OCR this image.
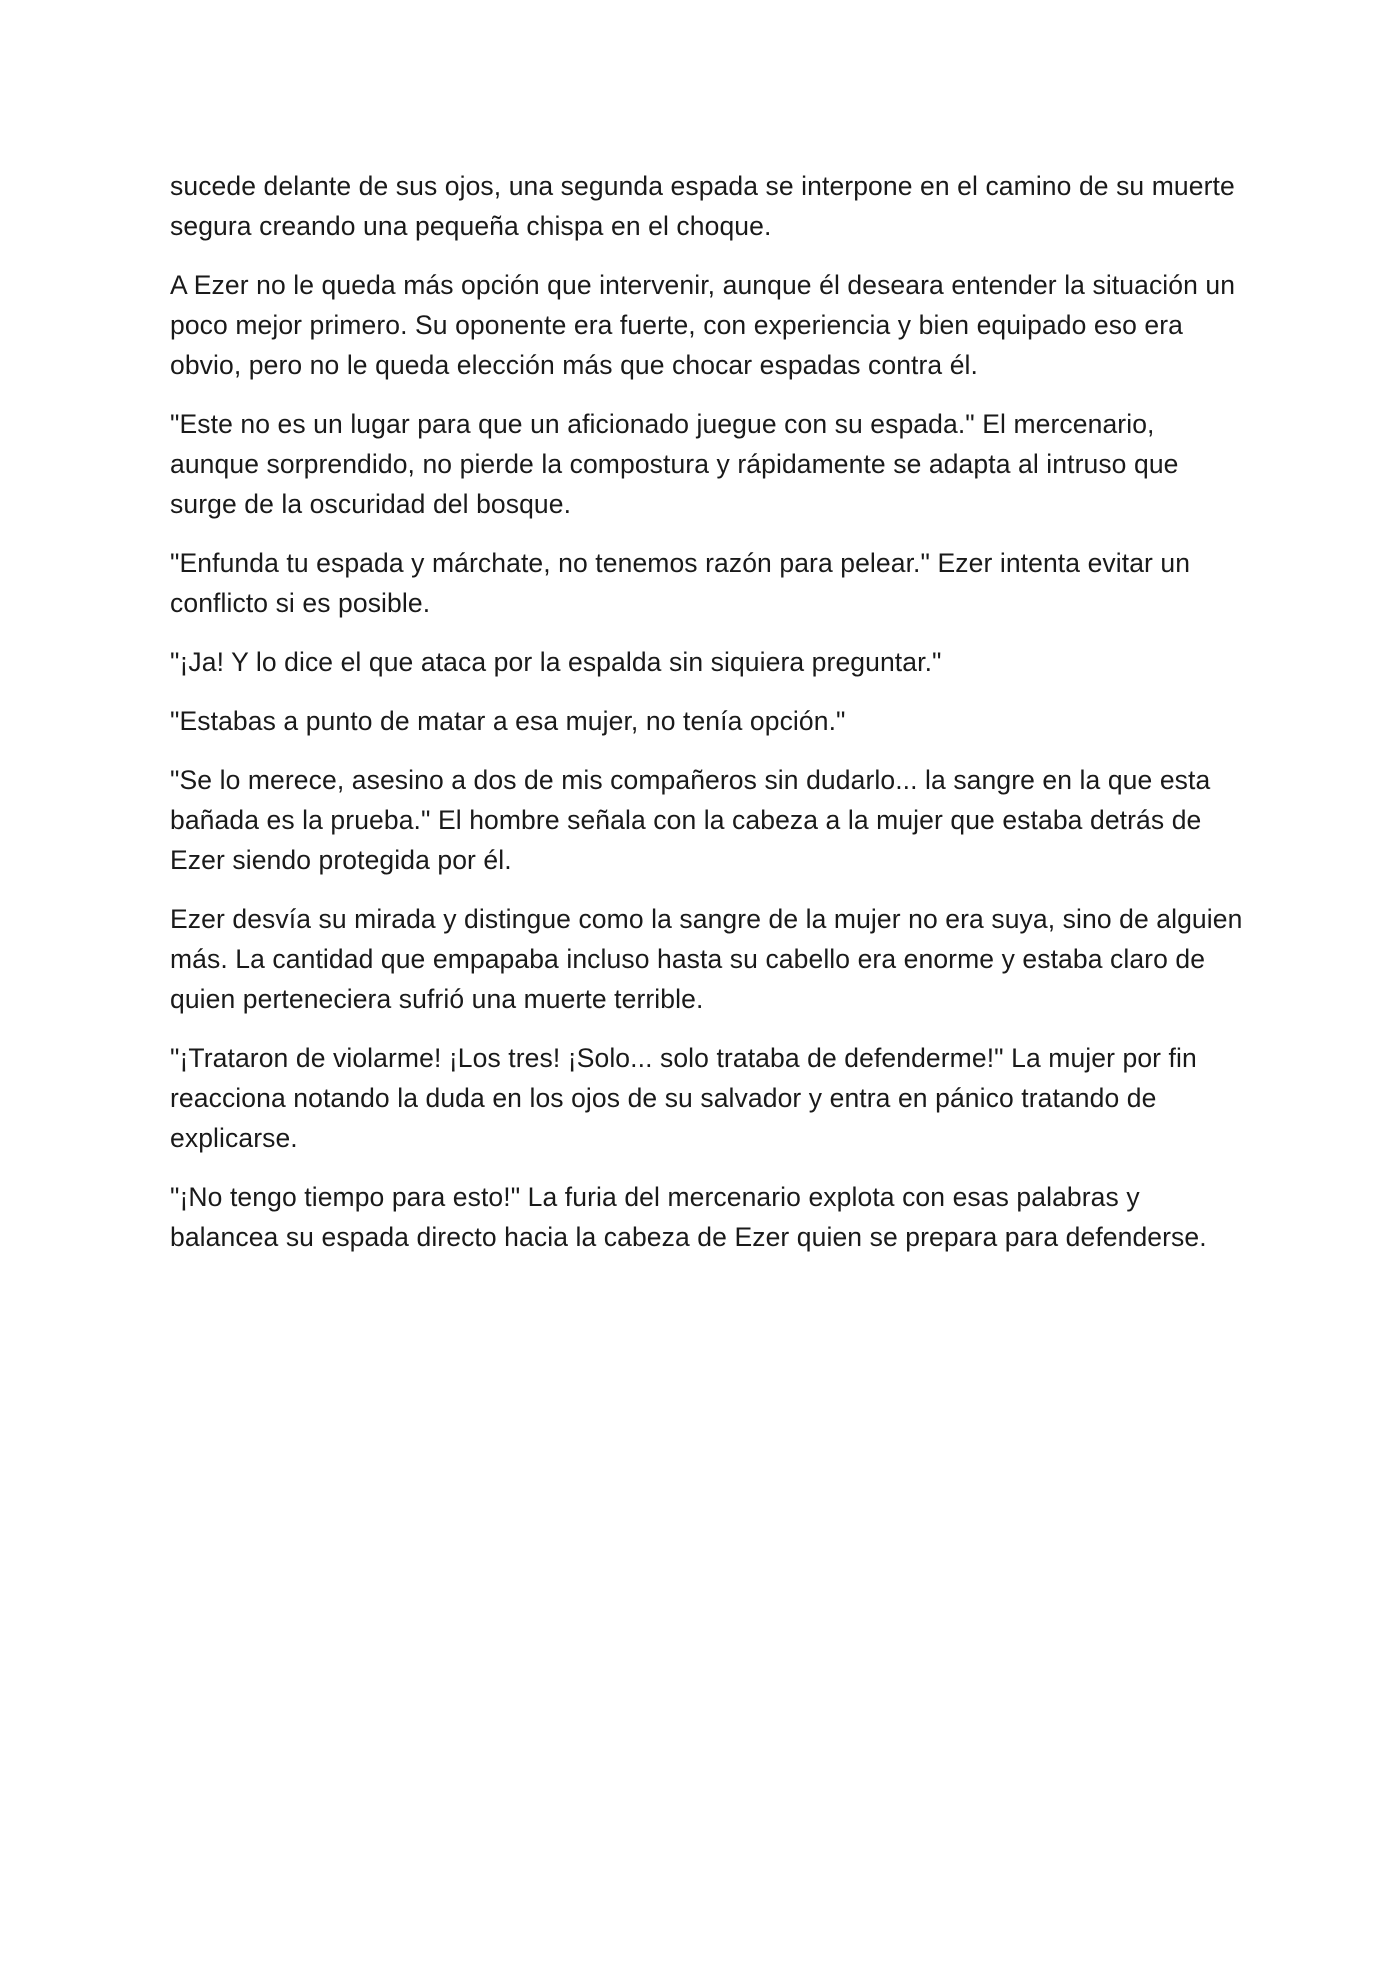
sucede delante de sus ojos, una segunda espada se interpone en el camino de su muerte segura creando una pequeña chispa en el choque.

A Ezer no le queda más opción que intervenir, aunque él deseara entender la situación un poco mejor primero. Su oponente era fuerte, con experiencia y bien equipado eso era obvio, pero no le queda elección más que chocar espadas contra él.

"Este no es un lugar para que un aficionado juegue con su espada." El mercenario, aunque sorprendido, no pierde la compostura y rápidamente se adapta al intruso que surge de la oscuridad del bosque.

"Enfunda tu espada y márchate, no tenemos razón para pelear." Ezer intenta evitar un conflicto si es posible.

"¡Ja! Y lo dice el que ataca por la espalda sin siquiera preguntar."

"Estabas a punto de matar a esa mujer, no tenía opción."

"Se lo merece, asesino a dos de mis compañeros sin dudarlo... la sangre en la que esta bañada es la prueba." El hombre señala con la cabeza a la mujer que estaba detrás de Ezer siendo protegida por él.

Ezer desvía su mirada y distingue como la sangre de la mujer no era suya, sino de alguien más. La cantidad que empapaba incluso hasta su cabello era enorme y estaba claro de quien perteneciera sufrió una muerte terrible.

"¡Trataron de violarme! ¡Los tres! ¡Solo... solo trataba de defenderme!" La mujer por fin reacciona notando la duda en los ojos de su salvador y entra en pánico tratando de explicarse.

"¡No tengo tiempo para esto!" La furia del mercenario explota con esas palabras y balancea su espada directo hacia la cabeza de Ezer quien se prepara para defenderse.
